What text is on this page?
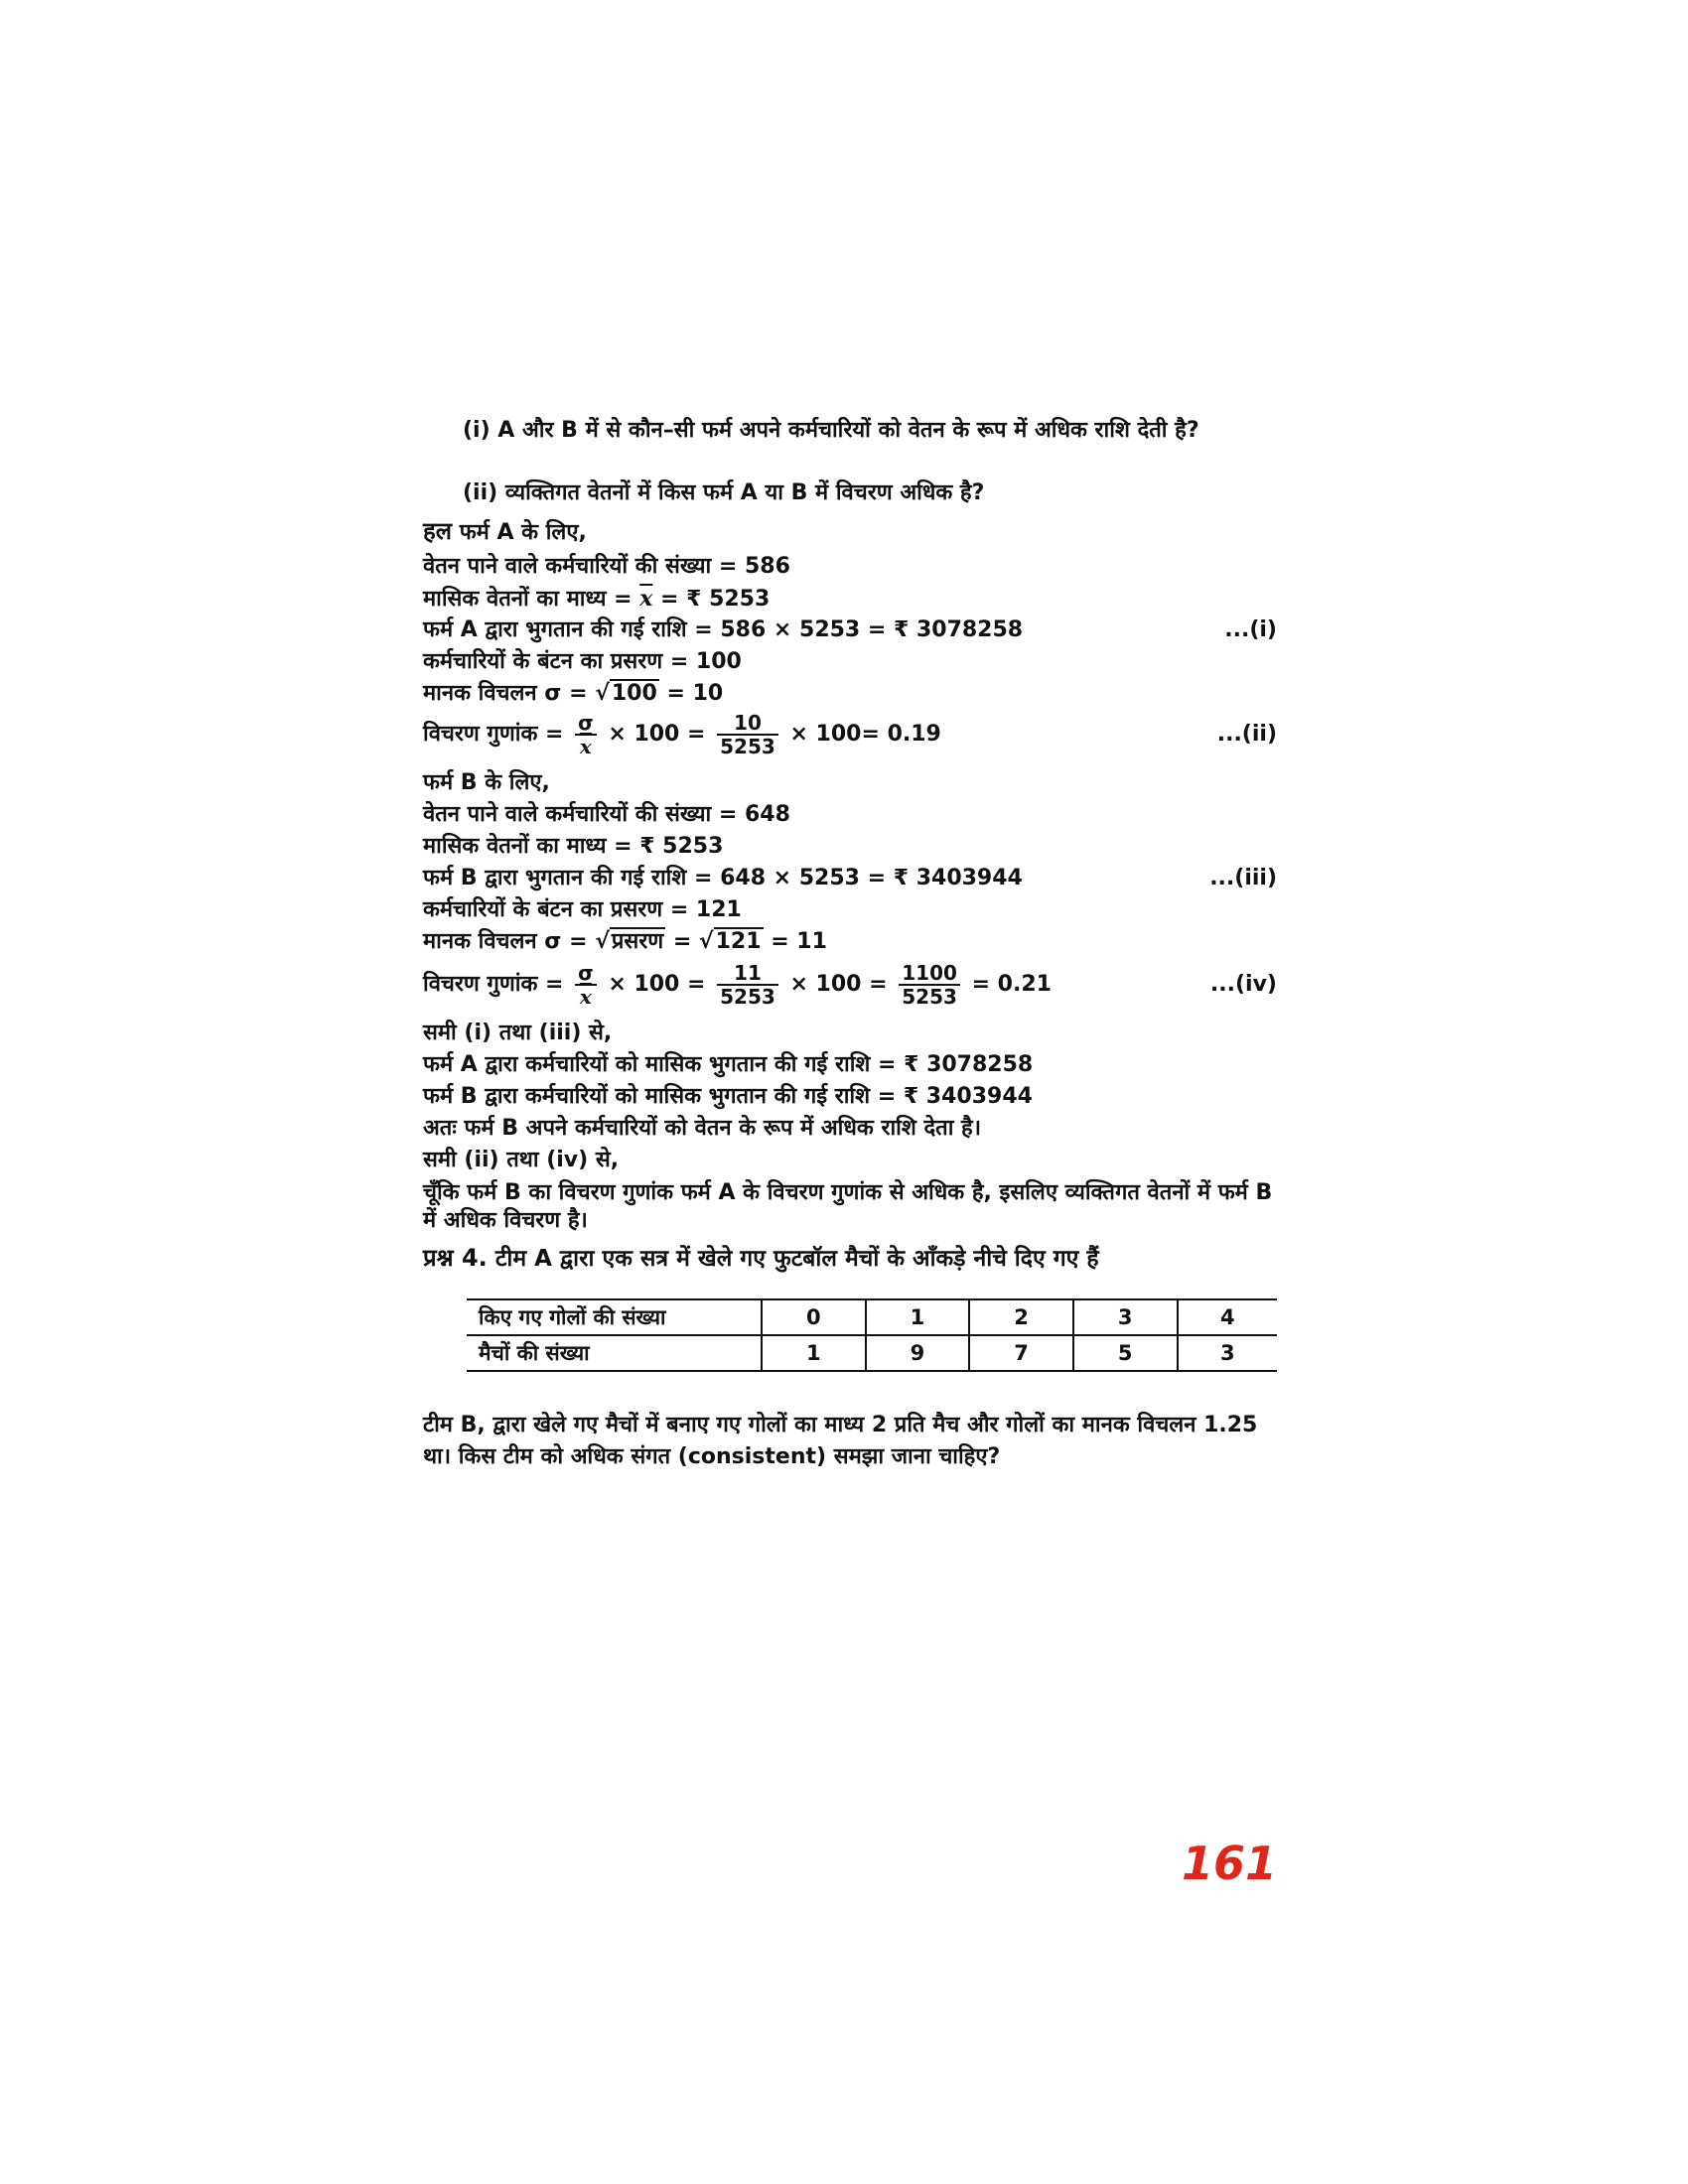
(i) A और B में से कौन–सी फर्म अपने कर्मचारियों को वेतन के रूप में अधिक राशि देती है?
(ii) व्यक्तिगत वेतनों में किस फर्म A या B में विचरण अधिक है?
हल फर्म A के लिए,
वेतन पाने वाले कर्मचारियों की संख्या = 586
मासिक वेतनों का माध्य = $\overline{x}$ = ₹ 5253
फर्म A द्वारा भुगतान की गई राशि = 586 × 5253 = ₹ 3078258	...(i)
कर्मचारियों के बंटन का प्रसरण = 100
मानक विचलन σ = √100 = 10
विचरण गुणांक = $\frac{\sigma}{x} \times 100 = \frac{10}{5253} \times 100= 0.19$	...(ii)
फर्म B के लिए,
वेतन पाने वाले कर्मचारियों की संख्या = 648
मासिक वेतनों का माध्य = ₹ 5253
फर्म B द्वारा भुगतान की गई राशि = 648 × 5253 = ₹ 3403944	...(iii)
कर्मचारियों के बंटन का प्रसरण = 121
मानक विचलन σ = √प्रसरण = √121 = 11
विचरण गुणांक = $\frac{\sigma}{x} \times 100 = \frac{11}{5253} \times 100 = \frac{1100}{5253} = 0.21$	...(iv)
समी (i) तथा (iii) से,
फर्म A द्वारा कर्मचारियों को मासिक भुगतान की गई राशि = ₹ 3078258
फर्म B द्वारा कर्मचारियों को मासिक भुगतान की गई राशि = ₹ 3403944
अतः फर्म B अपने कर्मचारियों को वेतन के रूप में अधिक राशि देता है।
समी (ii) तथा (iv) से,
चूँकि फर्म B का विचरण गुणांक फर्म A के विचरण गुणांक से अधिक है, इसलिए व्यक्तिगत वेतनों में फर्म B में अधिक विचरण है।
प्रश्न 4. टीम A द्वारा एक सत्र में खेले गए फुटबॉल मैचों के आँकड़े नीचे दिए गए हैं
किए गए गोलों की संख्या	0	1	2	3	4
मैचों की संख्या	1	9	7	5	3
टीम B, द्वारा खेले गए मैचों में बनाए गए गोलों का माध्य 2 प्रति मैच और गोलों का मानक विचलन 1.25 था। किस टीम को अधिक संगत (consistent) समझा जाना चाहिए?
161
